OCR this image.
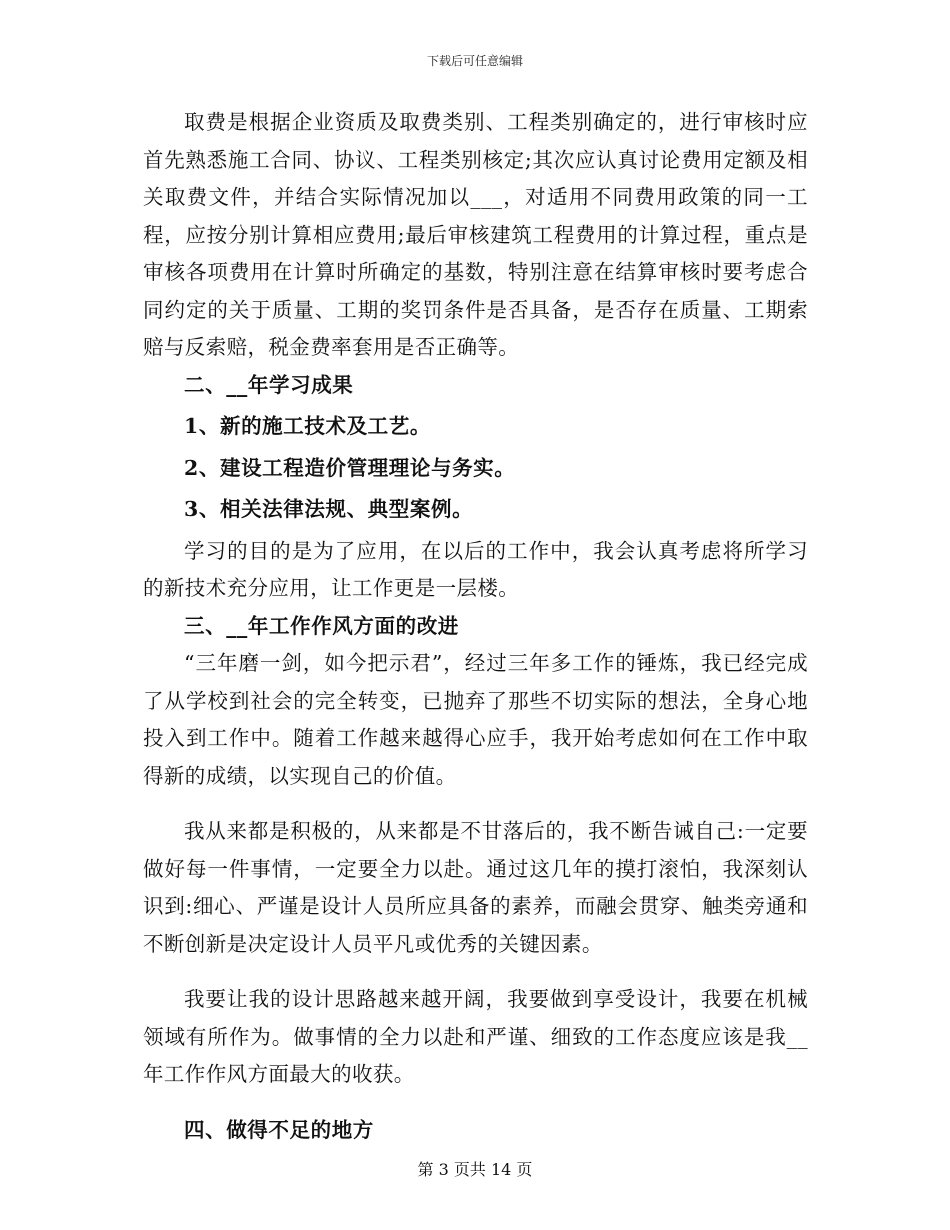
下载后可任意编辑

取费是根据企业资质及取费类别、工程类别确定的，进行审核时应首先熟悉施工合同、协议、工程类别核定;其次应认真讨论费用定额及相关取费文件，并结合实际情况加以___，对适用不同费用政策的同一工程，应按分别计算相应费用;最后审核建筑工程费用的计算过程，重点是审核各项费用在计算时所确定的基数，特别注意在结算审核时要考虑合同约定的关于质量、工期的奖罚条件是否具备，是否存在质量、工期索赔与反索赔，税金费率套用是否正确等。

二、__年学习成果

1、新的施工技术及工艺。

2、建设工程造价管理理论与务实。

3、相关法律法规、典型案例。

学习的目的是为了应用，在以后的工作中，我会认真考虑将所学习的新技术充分应用，让工作更是一层楼。

三、__年工作作风方面的改进

“三年磨一剑，如今把示君”，经过三年多工作的锤炼，我已经完成了从学校到社会的完全转变，已抛弃了那些不切实际的想法，全身心地投入到工作中。随着工作越来越得心应手，我开始考虑如何在工作中取得新的成绩，以实现自己的价值。

我从来都是积极的，从来都是不甘落后的，我不断告诫自己:一定要做好每一件事情，一定要全力以赴。通过这几年的摸打滚怕，我深刻认识到:细心、严谨是设计人员所应具备的素养，而融会贯穿、触类旁通和不断创新是决定设计人员平凡或优秀的关键因素。

我要让我的设计思路越来越开阔，我要做到享受设计，我要在机械领域有所作为。做事情的全力以赴和严谨、细致的工作态度应该是我__年工作作风方面最大的收获。

四、做得不足的地方

第 3 页共 14 页
